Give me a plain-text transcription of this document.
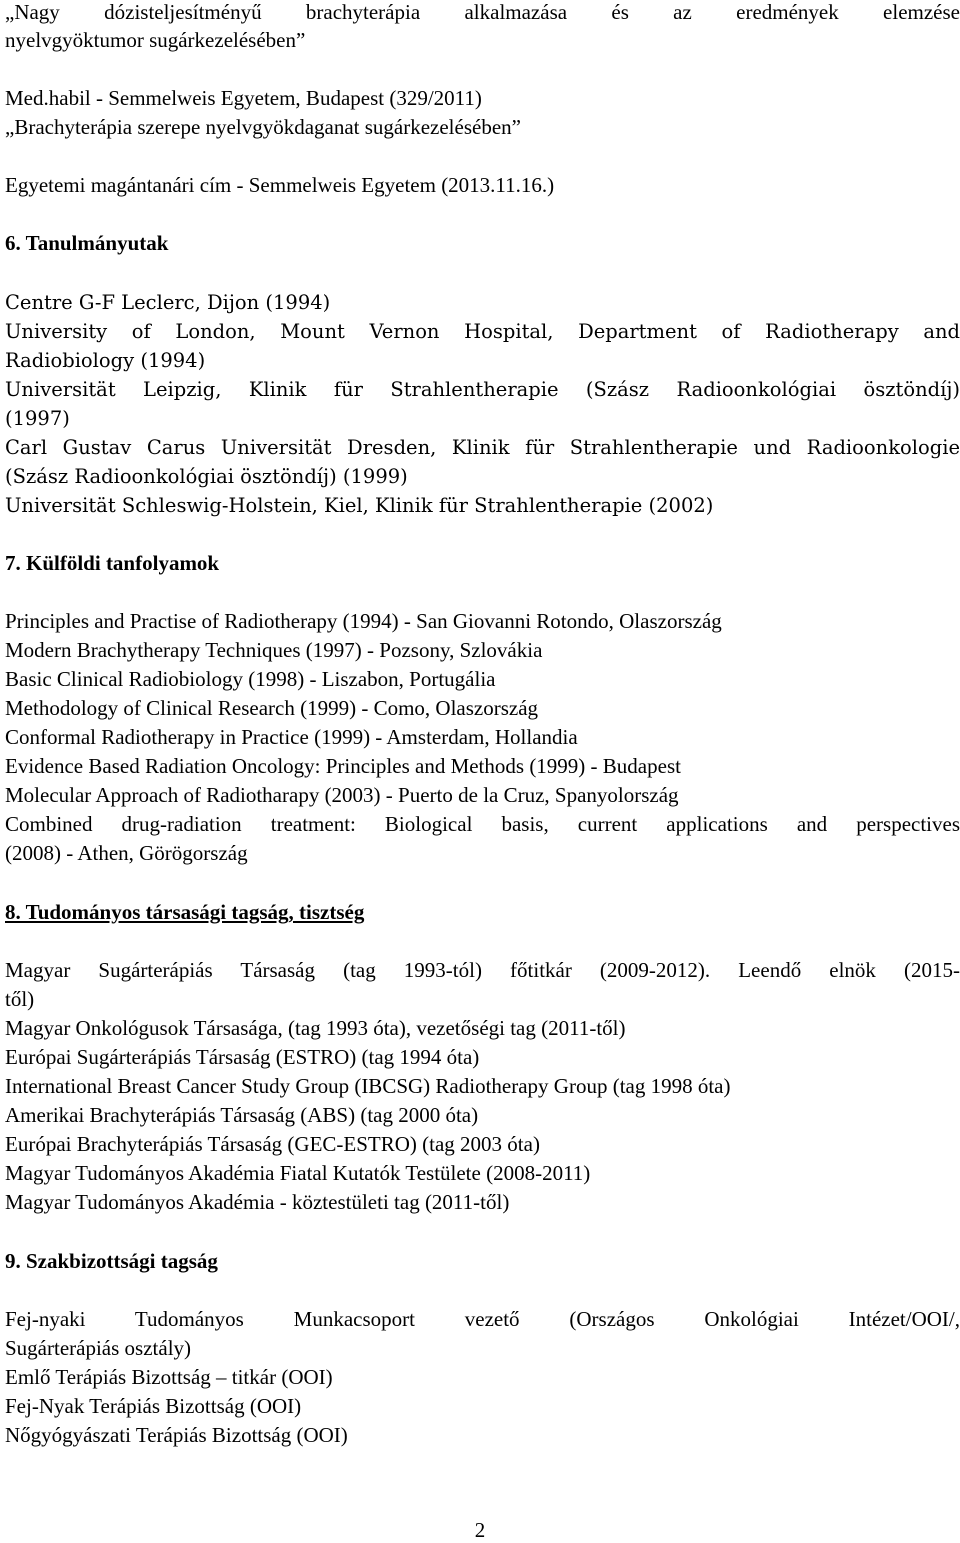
„Nagy dózisteljesítményű brachyterápia alkalmazása és az eredmények elemzése
nyelvgyöktumor sugárkezelésében”
Med.habil - Semmelweis Egyetem, Budapest (329/2011)
„Brachyterápia szerepe nyelvgyökdaganat sugárkezelésében”
Egyetemi magántanári cím - Semmelweis Egyetem (2013.11.16.)
6. Tanulmányutak
Centre G-F Leclerc, Dijon (1994)
University of London, Mount Vernon Hospital, Department of Radiotherapy and
Radiobiology (1994)
Universität Leipzig, Klinik für Strahlentherapie (Szász Radioonkológiai ösztöndíj)
(1997)
Carl Gustav Carus Universität Dresden, Klinik für Strahlentherapie und Radioonkologie
(Szász Radioonkológiai ösztöndíj) (1999)
Universität Schleswig-Holstein, Kiel, Klinik für Strahlentherapie (2002)
7. Külföldi tanfolyamok
Principles and Practise of Radiotherapy (1994) - San Giovanni Rotondo, Olaszország
Modern Brachytherapy Techniques (1997) - Pozsony, Szlovákia
Basic Clinical Radiobiology (1998) - Liszabon, Portugália
Methodology of Clinical Research (1999) - Como, Olaszország
Conformal Radiotherapy in Practice (1999) - Amsterdam, Hollandia
Evidence Based Radiation Oncology: Principles and Methods (1999) - Budapest
Molecular Approach of Radiotharapy (2003) - Puerto de la Cruz, Spanyolország
Combined drug-radiation treatment: Biological basis, current applications and perspectives
(2008) - Athen, Görögország
8. Tudományos társasági tagság, tisztség
Magyar Sugárterápiás Társaság (tag 1993-tól) főtitkár (2009-2012). Leendő elnök (2015-
től)
Magyar Onkológusok Társasága, (tag 1993 óta), vezetőségi tag (2011-től)
Európai Sugárterápiás Társaság (ESTRO) (tag 1994 óta)
International Breast Cancer Study Group (IBCSG) Radiotherapy Group (tag 1998 óta)
Amerikai Brachyterápiás Társaság (ABS) (tag 2000 óta)
Európai Brachyterápiás Társaság (GEC-ESTRO) (tag 2003 óta)
Magyar Tudományos Akadémia Fiatal Kutatók Testülete (2008-2011)
Magyar Tudományos Akadémia - köztestületi tag (2011-től)
9. Szakbizottsági tagság
Fej-nyaki Tudományos Munkacsoport vezető (Országos Onkológiai Intézet/OOI/,
Sugárterápiás osztály)
Emlő Terápiás Bizottság – titkár (OOI)
Fej-Nyak Terápiás Bizottság (OOI)
Nőgyógyászati Terápiás Bizottság (OOI)
2
